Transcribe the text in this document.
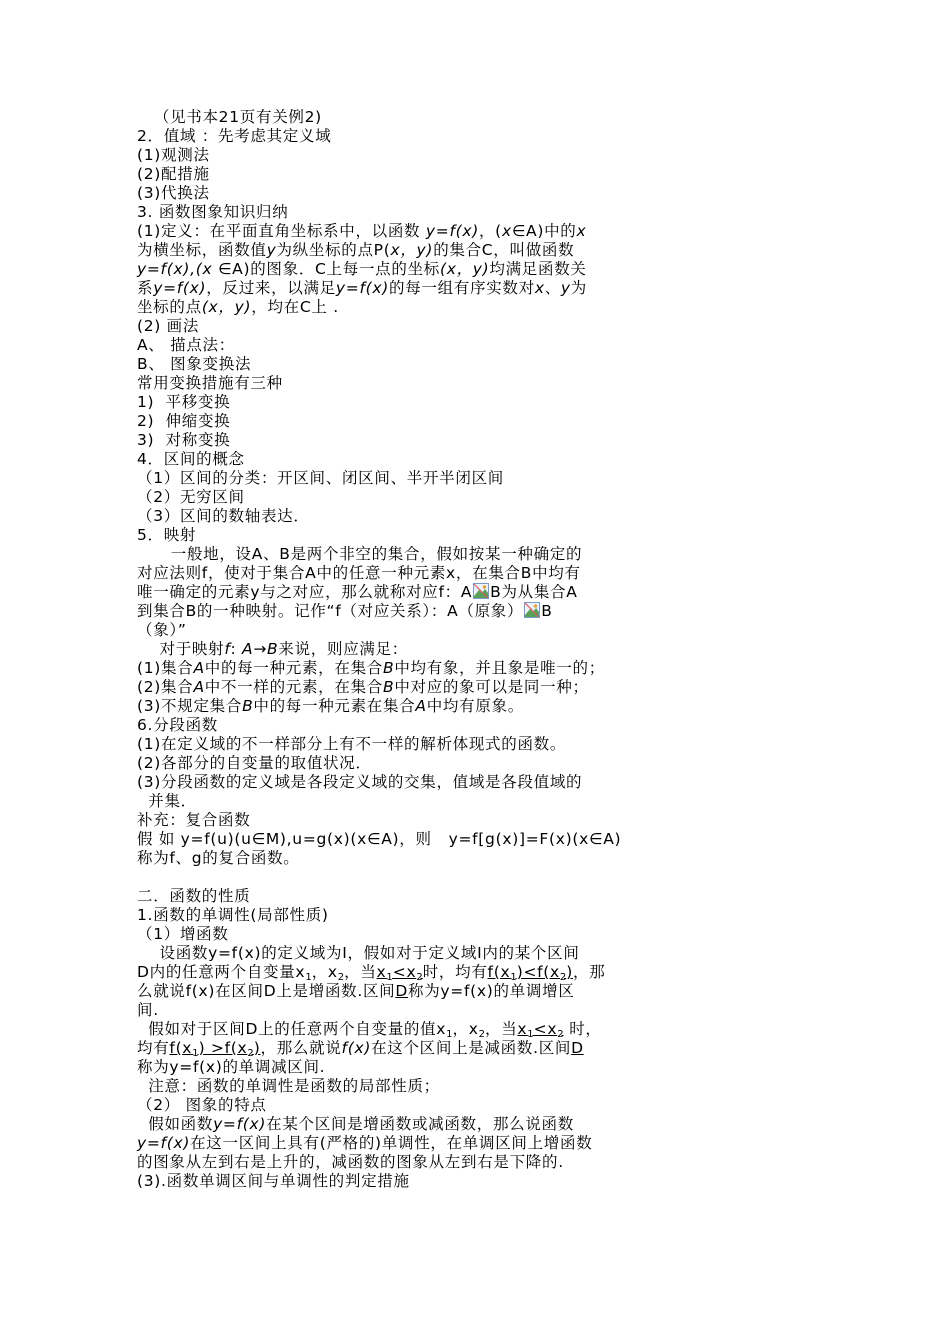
（见书本21页有关例2)
2．值域 ：先考虑其定义域
(1)观测法
(2)配措施
(3)代换法
3. 函数图象知识归纳
(1)定义：在平面直角坐标系中，以函数 y=f(x)，(x∈A)中的x
为横坐标，函数值y为纵坐标的点P(x，y)的集合C，叫做函数
y=f(x),(x ∈A)的图象．C上每一点的坐标(x，y)均满足函数关
系y=f(x)，反过来，以满足y=f(x)的每一组有序实数对x、y为
坐标的点(x，y)，均在C上 .
(2) 画法
A、 描点法：
B、 图象变换法
常用变换措施有三种
1)  平移变换
2)  伸缩变换
3)  对称变换
4．区间的概念
（1）区间的分类：开区间、闭区间、半开半闭区间
（2）无穷区间
（3）区间的数轴表达．
5．映射
一般地，设A、B是两个非空的集合，假如按某一种确定的
对应法则f，使对于集合A中的任意一种元素x，在集合B中均有
唯一确定的元素y与之对应，那么就称对应f：A B为从集合A
到集合B的一种映射。记作“f（对应关系）：A（原象） B
（象）”
对于映射f: A→B来说，则应满足：
(1)集合A中的每一种元素，在集合B中均有象，并且象是唯一的；
(2)集合A中不一样的元素，在集合B中对应的象可以是同一种；
(3)不规定集合B中的每一种元素在集合A中均有原象。
6.分段函数
(1)在定义域的不一样部分上有不一样的解析体现式的函数。
(2)各部分的自变量的取值状况．
(3)分段函数的定义域是各段定义域的交集，值域是各段值域的
并集．
补充：复合函数
假 如 y=f(u)(u∈M),u=g(x)(x∈A)，则   y=f[g(x)]=F(x)(x∈A)
称为f、g的复合函数。
二．函数的性质
1.函数的单调性(局部性质)
（1）增函数
设函数y=f(x)的定义域为I，假如对于定义域I内的某个区间
D内的任意两个自变量$x_1$，$x_2$，当$x_1<x_2$时，均有$f(x_1)<f(x_2)$，那
么就说f(x)在区间D上是增函数.区间D称为y=f(x)的单调增区
间.
假如对于区间D上的任意两个自变量的值$x_1$，$x_2$，当$x_1<x_2$ 时，
均有$f(x_1) >f(x_2)$，那么就说f(x)在这个区间上是减函数.区间D
称为y=f(x)的单调减区间.
注意：函数的单调性是函数的局部性质；
（2） 图象的特点
假如函数y=f(x)在某个区间是增函数或减函数，那么说函数
y=f(x)在这一区间上具有(严格的)单调性，在单调区间上增函数
的图象从左到右是上升的，减函数的图象从左到右是下降的.
(3).函数单调区间与单调性的判定措施
